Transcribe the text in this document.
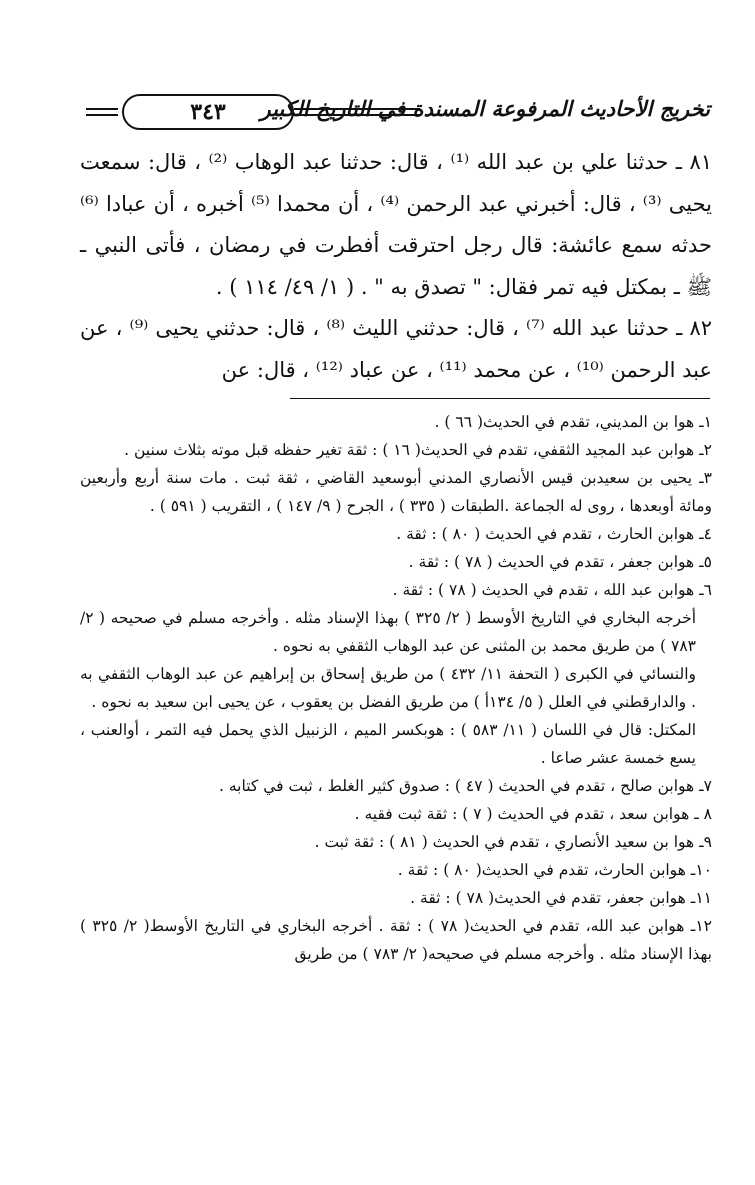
تخريج الأحاديث المرفوعة المسندة في التاريخ الكبير
٣٤٣

٨١ ـ حدثنا علي بن عبد الله ⁽¹⁾ ، قال: حدثنا عبد الوهاب ⁽²⁾ ، قال: سمعت يحيى ⁽³⁾ ، قال: أخبرني عبد الرحمن ⁽⁴⁾ ، أن محمدا ⁽⁵⁾ أخبره ، أن عبادا ⁽⁶⁾ حدثه سمع عائشة: قال رجل احترقت أفطرت في رمضان ، فأتى النبي ـ ﷺ ـ بمكتل فيه تمر فقال: " تصدق به " . ( ١/ ٤٩/ ١١٤ ) .

٨٢ ـ حدثنا عبد الله ⁽⁷⁾ ، قال: حدثني الليث ⁽⁸⁾ ، قال: حدثني يحيى ⁽⁹⁾ ، عن عبد الرحمن ⁽¹⁰⁾ ، عن محمد ⁽¹¹⁾ ، عن عباد ⁽¹²⁾ ، قال: عن

١ـ هوا بن المديني، تقدم في الحديث( ٦٦ ) .

٢ـ هوابن عبد المجيد الثقفي، تقدم في الحديث( ١٦ ) : ثقة تغير حفظه قبل موته بثلاث سنين .

٣ـ يحيى بن سعيدبن قيس الأنصاري المدني أبوسعيد القاضي ، ثقة ثبت . مات سنة أربع وأربعين ومائة أوبعدها ، روى له الجماعة .الطبقات ( ٣٣٥ ) ، الجرح ( ٩/ ١٤٧ ) ، التقريب ( ٥٩١ ) .

٤ـ هوابن الحارث ، تقدم في الحديث ( ٨٠ ) : ثقة .

٥ـ هوابن جعفر ، تقدم في الحديث ( ٧٨ ) : ثقة .

٦ـ هوابن عبد الله ، تقدم في الحديث ( ٧٨ ) : ثقة .

أخرجه البخاري في التاريخ الأوسط ( ٢/ ٣٢٥ ) بهذا الإسناد مثله . وأخرجه مسلم في صحيحه ( ٢/ ٧٨٣ ) من طريق محمد بن المثنى عن عبد الوهاب الثقفي به نحوه .

والنسائي في الكبرى ( التحفة ١١/ ٤٣٢ ) من طريق إسحاق بن إبراهيم عن عبد الوهاب الثقفي به . والدارقطني في العلل ( ٥/ ١٣٤أ ) من طريق الفضل بن يعقوب ، عن يحيى ابن سعيد به نحوه .

المكتل: قال في اللسان ( ١١/ ٥٨٣ ) : هوبكسر الميم ، الزنبيل الذي يحمل فيه التمر ، أوالعنب ، يسع خمسة عشر صاعا .

٧ـ هوابن صالح ، تقدم في الحديث ( ٤٧ ) : صدوق كثير الغلط ، ثبت في كتابه .

٨ ـ هوابن سعد ، تقدم في الحديث ( ٧ ) : ثقة ثبت فقيه .

٩ـ هوا بن سعيد الأنصاري ، تقدم في الحديث ( ٨١ ) : ثقة ثبت .

١٠ـ هوابن الحارث، تقدم في الحديث( ٨٠ ) : ثقة .

١١ـ هوابن جعفر، تقدم في الحديث( ٧٨ ) : ثقة .

١٢ـ هوابن عبد الله، تقدم في الحديث( ٧٨ ) : ثقة . أخرجه البخاري في التاريخ الأوسط( ٢/ ٣٢٥ ) بهذا الإسناد مثله . وأخرجه مسلم في صحيحه( ٢/ ٧٨٣ ) من طريق
